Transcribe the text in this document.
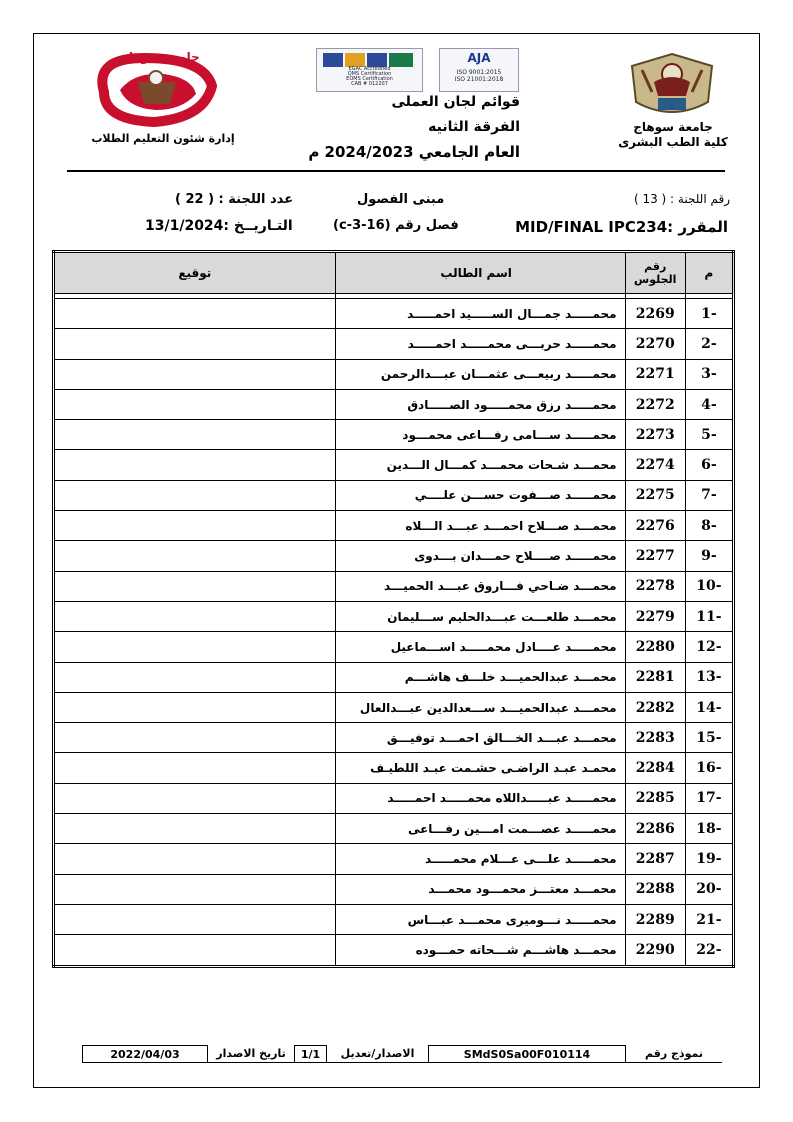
جامعة سوهاج
كلية الطب البشرى
EGAC Accredited
QMS Certification
EOMS Certification
CAB # 012207
AJA
ISO 9001:2015
ISO 21001:2018
قوائم لجان العملى
الفرقة الثانيه
العام الجامعي 2024/2023 م
جامعة سوهاج
إدارة شئون التعليم الطلاب
رقم اللجنة : ( 13 )
مبنى الفصول
عدد اللجنة : ( 22 )
المقرر :MID/FINAL IPC234
فصل رقم (16-3-c)
التـاريــخ :13/1/2024
م	رقم الجلوس	اسم الطالب	توقيع

-1	2269	محمـــــد جمـــال الســـــيد احمـــــد	
-2	2270	محمـــــد حربـــى محمـــــد احمـــــد	
-3	2271	محمـــــد ربيعـــى عثمـــان عبـــدالرحمن	
-4	2272	محمـــــد رزق محمـــــود الصـــــادق	
-5	2273	محمـــــد ســـامى رفـــاعى محمـــود	
-6	2274	محمـــد شـحات محمـــد كمـــال الـــدين	
-7	2275	محمـــــد صـــفوت حســـن علــــي	
-8	2276	محمـــد صـــلاح احمـــد عبـــد الـــلاه	
-9	2277	محمـــــد صــــلاح حمـــدان بـــدوى	
-10	2278	محمـــد ضـاحي فـــاروق عبـــد الحميـــد	
-11	2279	محمـــد طلعـــت عبـــدالحليم ســـليمان	
-12	2280	محمـــــد عــــادل محمـــــد اســـماعيل	
-13	2281	محمـــد عبدالحميـــد خلـــف هاشـــم	
-14	2282	محمـــد عبدالحميـــد ســـعدالدين عبـــدالعال	
-15	2283	محمـــد عبـــد الخـــالق احمـــد توفيـــق	
-16	2284	محمـد عبـد الراضـى حشـمت عبـد اللطيـف	
-17	2285	محمـــــد عبـــــداللاه محمـــــد احمـــــد	
-18	2286	محمـــــد عصـــمت امـــين رفـــاعى	
-19	2287	محمـــــد علـــى عـــلام محمـــــد	
-20	2288	محمـــد معتـــز محمـــود محمـــد	
-21	2289	محمـــــد نـــوميرى محمـــد عبـــاس	
-22	2290	محمـــد هاشـــم شـــحاته حمـــوده	
نموذج رقم	SMdS0Sa00F010114	الاصدار/تعديل	1/1	تاريخ الاصدار	2022/04/03
